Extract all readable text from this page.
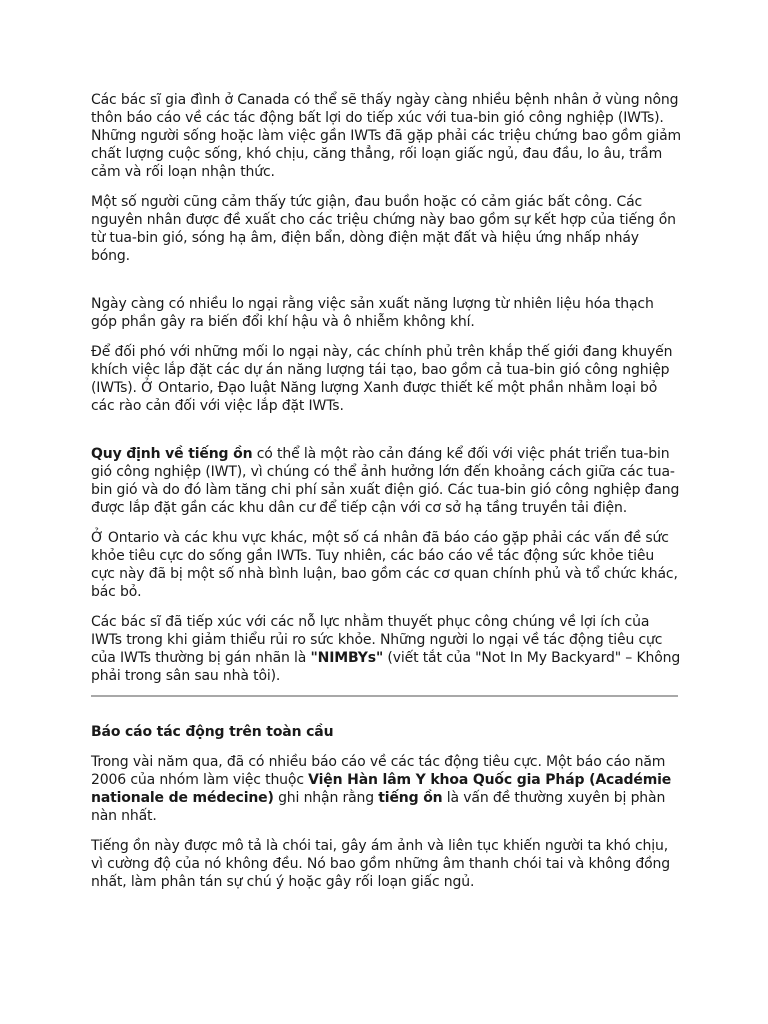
Các bác sĩ gia đình ở Canada có thể sẽ thấy ngày càng nhiều bệnh nhân ở vùng nông thôn báo cáo về các tác động bất lợi do tiếp xúc với tua-bin gió công nghiệp (IWTs). Những người sống hoặc làm việc gần IWTs đã gặp phải các triệu chứng bao gồm giảm chất lượng cuộc sống, khó chịu, căng thẳng, rối loạn giấc ngủ, đau đầu, lo âu, trầm cảm và rối loạn nhận thức.

Một số người cũng cảm thấy tức giận, đau buồn hoặc có cảm giác bất công. Các nguyên nhân được đề xuất cho các triệu chứng này bao gồm sự kết hợp của tiếng ồn từ tua-bin gió, sóng hạ âm, điện bẩn, dòng điện mặt đất và hiệu ứng nhấp nháy bóng.

Ngày càng có nhiều lo ngại rằng việc sản xuất năng lượng từ nhiên liệu hóa thạch góp phần gây ra biến đổi khí hậu và ô nhiễm không khí.

Để đối phó với những mối lo ngại này, các chính phủ trên khắp thế giới đang khuyến khích việc lắp đặt các dự án năng lượng tái tạo, bao gồm cả tua-bin gió công nghiệp (IWTs). Ở Ontario, Đạo luật Năng lượng Xanh được thiết kế một phần nhằm loại bỏ các rào cản đối với việc lắp đặt IWTs.

Quy định về tiếng ồn có thể là một rào cản đáng kể đối với việc phát triển tua-bin gió công nghiệp (IWT), vì chúng có thể ảnh hưởng lớn đến khoảng cách giữa các tua-bin gió và do đó làm tăng chi phí sản xuất điện gió. Các tua-bin gió công nghiệp đang được lắp đặt gần các khu dân cư để tiếp cận với cơ sở hạ tầng truyền tải điện.

Ở Ontario và các khu vực khác, một số cá nhân đã báo cáo gặp phải các vấn đề sức khỏe tiêu cực do sống gần IWTs. Tuy nhiên, các báo cáo về tác động sức khỏe tiêu cực này đã bị một số nhà bình luận, bao gồm các cơ quan chính phủ và tổ chức khác, bác bỏ.

Các bác sĩ đã tiếp xúc với các nỗ lực nhằm thuyết phục công chúng về lợi ích của IWTs trong khi giảm thiểu rủi ro sức khỏe. Những người lo ngại về tác động tiêu cực của IWTs thường bị gán nhãn là "NIMBYs" (viết tắt của "Not In My Backyard" – Không phải trong sân sau nhà tôi).

Báo cáo tác động trên toàn cầu

Trong vài năm qua, đã có nhiều báo cáo về các tác động tiêu cực. Một báo cáo năm 2006 của nhóm làm việc thuộc Viện Hàn lâm Y khoa Quốc gia Pháp (Académie nationale de médecine) ghi nhận rằng tiếng ồn là vấn đề thường xuyên bị phàn nàn nhất.

Tiếng ồn này được mô tả là chói tai, gây ám ảnh và liên tục khiến người ta khó chịu, vì cường độ của nó không đều. Nó bao gồm những âm thanh chói tai và không đồng nhất, làm phân tán sự chú ý hoặc gây rối loạn giấc ngủ.
